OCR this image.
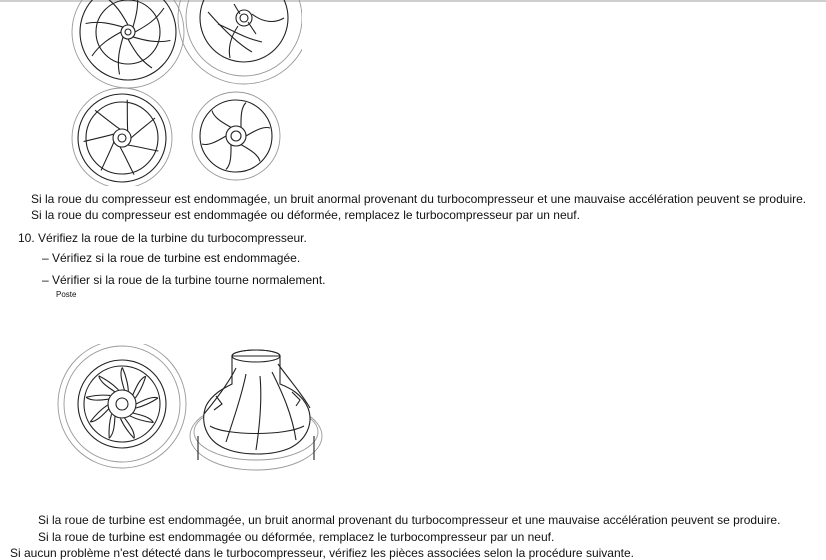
Si la roue du compresseur est endommagée, un bruit anormal provenant du turbocompresseur et une mauvaise accélération peuvent se produire.
Si la roue du compresseur est endommagée ou déformée, remplacez le turbocompresseur par un neuf.
10. Vérifiez la roue de la turbine du turbocompresseur.
– Vérifiez si la roue de turbine est endommagée.
– Vérifier si la roue de la turbine tourne normalement.
Poste
Si la roue de turbine est endommagée, un bruit anormal provenant du turbocompresseur et une mauvaise accélération peuvent se produire.
Si la roue de turbine est endommagée ou déformée, remplacez le turbocompresseur par un neuf.
Si aucun problème n'est détecté dans le turbocompresseur, vérifiez les pièces associées selon la procédure suivante.
